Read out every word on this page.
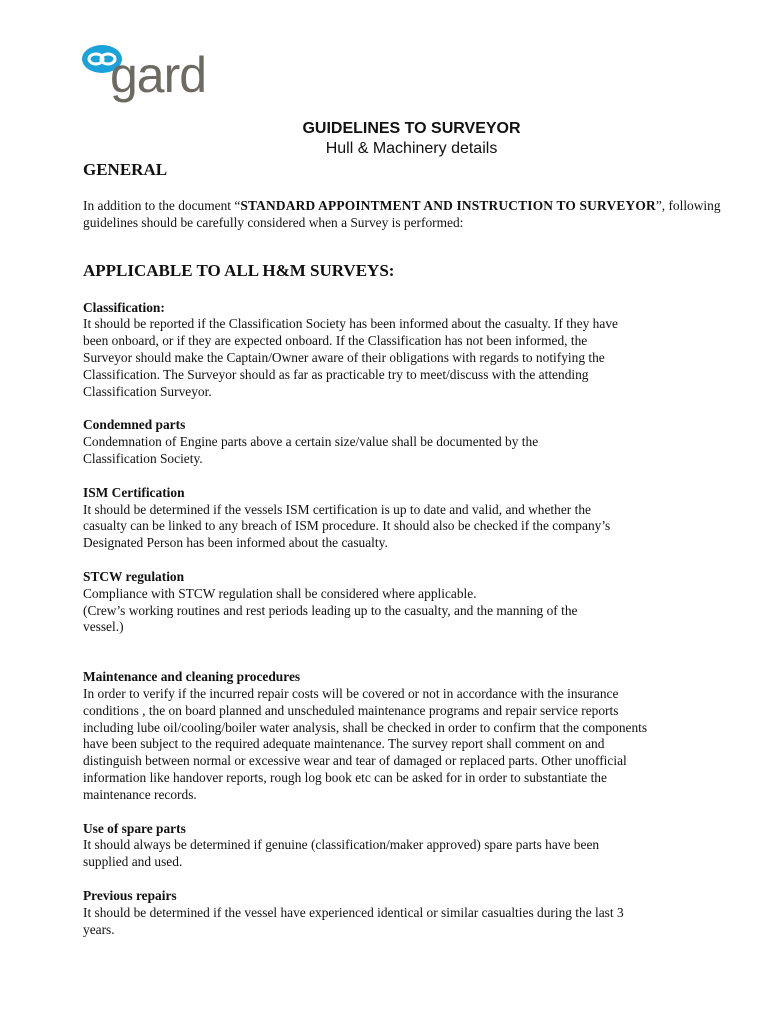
gard
GUIDELINES TO SURVEYOR
Hull & Machinery details
GENERAL

In addition to the document “STANDARD APPOINTMENT AND INSTRUCTION TO SURVEYOR”, following guidelines should be carefully considered when a Survey is performed:

APPLICABLE TO ALL H&M SURVEYS:

Classification:

It should be reported if the Classification Society has been informed about the casualty. If they have

been onboard, or if they are expected onboard. If the Classification has not been informed, the

Surveyor should make the Captain/Owner aware of their obligations with regards to notifying the

Classification. The Surveyor should as far as practicable try to meet/discuss with the attending

Classification Surveyor.

Condemned parts

Condemnation of Engine parts above a certain size/value shall be documented by the

Classification Society.

ISM Certification

It should be determined if the vessels ISM certification is up to date and valid, and whether the

casualty can be linked to any breach of ISM procedure. It should also be checked if the company’s

Designated Person has been informed about the casualty.

STCW regulation

Compliance with STCW regulation shall be considered where applicable.

(Crew’s working routines and rest periods leading up to the casualty, and the manning of the

vessel.)

Maintenance and cleaning procedures

In order to verify if the incurred repair costs will be covered or not in accordance with the insurance

conditions , the on board planned and unscheduled maintenance programs and repair service reports

including lube oil/cooling/boiler water analysis, shall be checked in order to confirm that the components

have been subject to the required adequate maintenance. The survey report shall comment on and

distinguish between normal or excessive wear and tear of damaged or replaced parts. Other unofficial

information like handover reports, rough log book etc can be asked for in order to substantiate the

maintenance records.

Use of spare parts

It should always be determined if genuine (classification/maker approved) spare parts have been

supplied and used.

Previous repairs

It should be determined if the vessel have experienced identical or similar casualties during the last 3

years.
